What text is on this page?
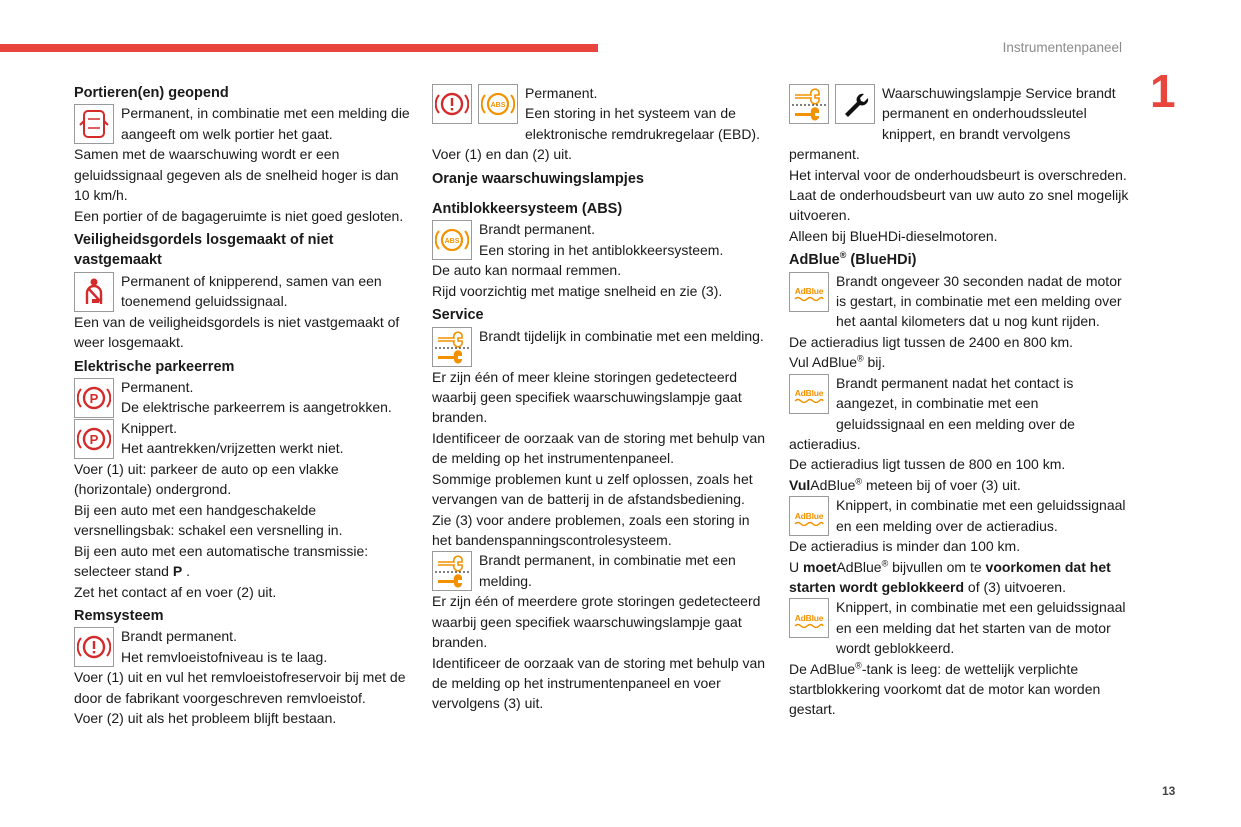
Instrumentenpaneel
1
13
Portieren(en) geopend

Permanent, in combinatie met een melding die aangeeft om welk portier het gaat.

Samen met de waarschuwing wordt er een geluidssignaal gegeven als de snelheid hoger is dan 10 km/h.

Een portier of de bagageruimte is niet goed gesloten.

Veiligheidsgordels losgemaakt of niet vastgemaakt

Permanent of knipperend, samen van een toenemend geluidssignaal.

Een van de veiligheidsgordels is niet vastgemaakt of weer losgemaakt.

Elektrische parkeerrem
P

Permanent.

De elektrische parkeerrem is aangetrokken.

P

Knippert.

Het aantrekken/vrijzetten werkt niet.

Voer (1) uit: parkeer de auto op een vlakke (horizontale) ondergrond.

Bij een auto met een handgeschakelde versnellingsbak: schakel een versnelling in.

Bij een auto met een automatische transmissie: selecteer stand P .

Zet het contact af en voer (2) uit.

Remsysteem

Brandt permanent.

Het remvloeistofniveau is te laag.

Voer (1) uit en vul het remvloeistofreservoir bij met de door de fabrikant voorgeschreven remvloeistof.

Voer (2) uit als het probleem blijft bestaan.

ABS

Permanent.

Een storing in het systeem van de elektronische remdrukregelaar (EBD).

Voer (1) en dan (2) uit.

Oranje waarschuwingslampjes
Antiblokkeersysteem (ABS)
ABS

Brandt permanent.

Een storing in het antiblokkeersysteem.

De auto kan normaal remmen.

Rijd voorzichtig met matige snelheid en zie (3).

Service

Brandt tijdelijk in combinatie met een melding.

Er zijn één of meer kleine storingen gedetecteerd waarbij geen specifiek waarschuwingslampje gaat branden.

Identificeer de oorzaak van de storing met behulp van de melding op het instrumentenpaneel.

Sommige problemen kunt u zelf oplossen, zoals het vervangen van de batterij in de afstandsbediening.

Zie (3) voor andere problemen, zoals een storing in het bandenspanningscontrolesysteem.

Brandt permanent, in combinatie met een melding.

Er zijn één of meerdere grote storingen gedetecteerd waarbij geen specifiek waarschuwingslampje gaat branden.

Identificeer de oorzaak van de storing met behulp van de melding op het instrumentenpaneel en voer vervolgens (3) uit.

Waarschuwingslampje Service brandt permanent en onderhoudssleutel knippert, en brandt vervolgens permanent.

Het interval voor de onderhoudsbeurt is overschreden.

Laat de onderhoudsbeurt van uw auto zo snel mogelijk uitvoeren.

Alleen bij BlueHDi-dieselmotoren.

AdBlue® (BlueHDi)
AdBlue

Brandt ongeveer 30 seconden nadat de motor is gestart, in combinatie met een melding over het aantal kilometers dat u nog kunt rijden.

De actieradius ligt tussen de 2400 en 800 km.

Vul AdBlue® bij.

AdBlue

Brandt permanent nadat het contact is aangezet, in combinatie met een geluidssignaal en een melding over de actieradius.

De actieradius ligt tussen de 800 en 100 km.

VulAdBlue® meteen bij of voer (3) uit.

AdBlue

Knippert, in combinatie met een geluidssignaal en een melding over de actieradius.

De actieradius is minder dan 100 km.

U moetAdBlue® bijvullen om te voorkomen dat het starten wordt geblokkeerd of (3) uitvoeren.

AdBlue

Knippert, in combinatie met een geluidssignaal en een melding dat het starten van de motor wordt geblokkeerd.

De AdBlue®-tank is leeg: de wettelijk verplichte startblokkering voorkomt dat de motor kan worden gestart.
